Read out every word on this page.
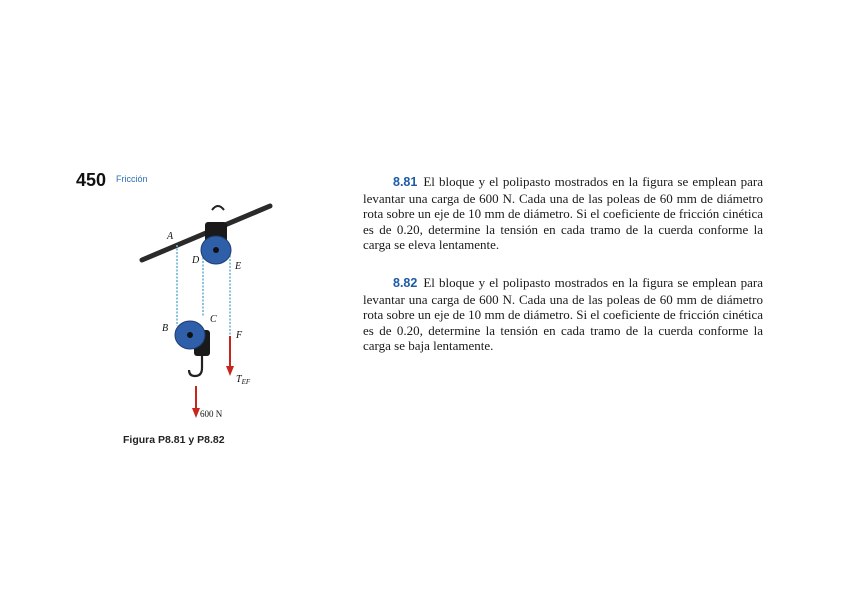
450 Fricción
A
D
E
C
B
F
$T_{EF}$
600 N
Figura P8.81 y P8.82

8.81 El bloque y el polipasto mostrados en la figura se emplean para levantar una carga de 600 N. Cada una de las poleas de 60 mm de diámetro rota sobre un eje de 10 mm de diámetro. Si el coeficiente de fricción cinética es de 0.20, determine la tensión en cada tramo de la cuerda conforme la carga se eleva lentamente.

8.82 El bloque y el polipasto mostrados en la figura se emplean para levantar una carga de 600 N. Cada una de las poleas de 60 mm de diámetro rota sobre un eje de 10 mm de diámetro. Si el coeficiente de fricción cinética es de 0.20, determine la tensión en cada tramo de la cuerda conforme la carga se baja lentamente.
